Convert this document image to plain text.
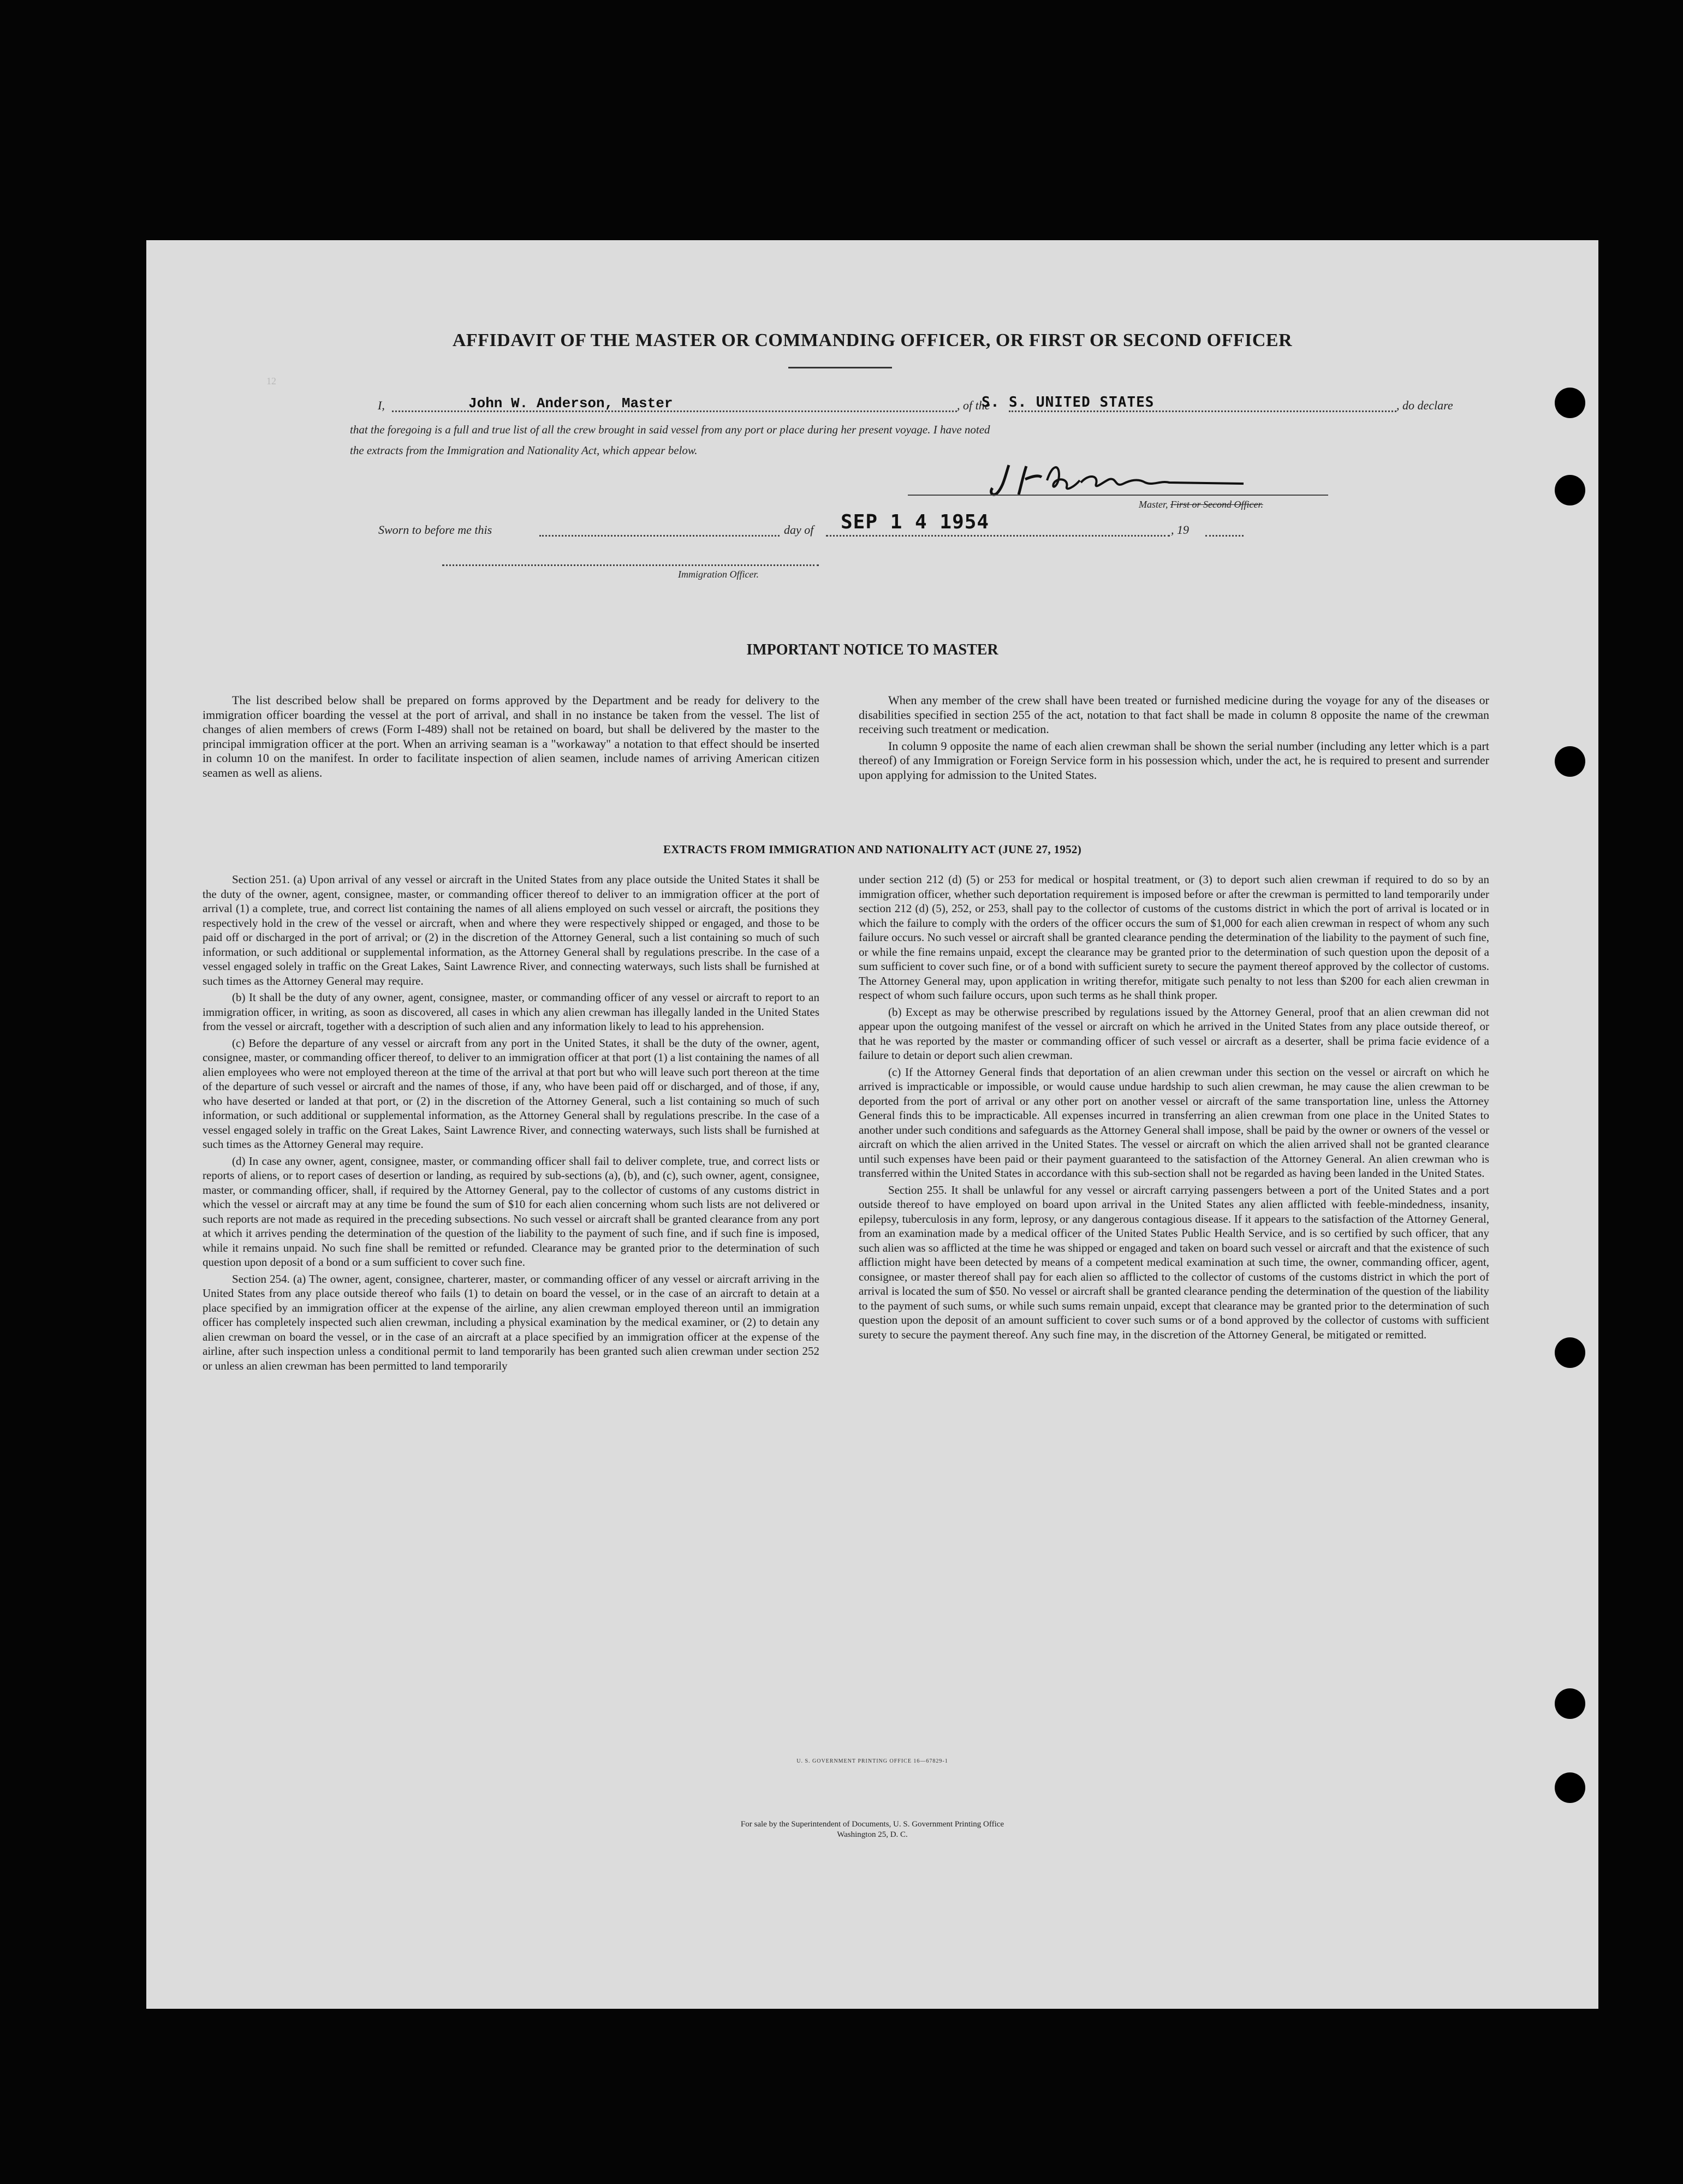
AFFIDAVIT OF THE MASTER OR COMMANDING OFFICER, OR FIRST OR SECOND OFFICER
12
I,	John W. Anderson, Master	, of the
S. S. UNITED STATES	, do declare
that the foregoing is a full and true list of all the crew brought in said vessel from any port or place during her present voyage. I have noted
the extracts from the Immigration and Nationality Act, which appear below.
Master, First or Second Officer.
Sworn to before me this	day of SEP 1 4 1954	, 19
Immigration Officer.
IMPORTANT NOTICE TO MASTER

The list described below shall be prepared on forms approved by the Department and be ready for delivery to the immigration officer boarding the vessel at the port of arrival, and shall in no instance be taken from the vessel. The list of changes of alien members of crews (Form I-489) shall not be retained on board, but shall be delivered by the master to the principal immigration officer at the port. When an arriving seaman is a "workaway" a notation to that effect should be inserted in column 10 on the manifest. In order to facilitate inspection of alien seamen, include names of arriving American citizen seamen as well as aliens.

When any member of the crew shall have been treated or furnished medicine during the voyage for any of the diseases or disabilities specified in section 255 of the act, notation to that fact shall be made in column 8 opposite the name of the crewman receiving such treatment or medication.

In column 9 opposite the name of each alien crewman shall be shown the serial number (including any letter which is a part thereof) of any Immigration or Foreign Service form in his possession which, under the act, he is required to present and surrender upon applying for admission to the United States.

EXTRACTS FROM IMMIGRATION AND NATIONALITY ACT (JUNE 27, 1952)

Section 251. (a) Upon arrival of any vessel or aircraft in the United States from any place outside the United States it shall be the duty of the owner, agent, consignee, master, or commanding officer thereof to deliver to an immigration officer at the port of arrival (1) a complete, true, and correct list containing the names of all aliens employed on such vessel or aircraft, the positions they respectively hold in the crew of the vessel or aircraft, when and where they were respectively shipped or engaged, and those to be paid off or discharged in the port of arrival; or (2) in the discretion of the Attorney General, such a list containing so much of such information, or such additional or supplemental information, as the Attorney General shall by regulations prescribe. In the case of a vessel engaged solely in traffic on the Great Lakes, Saint Lawrence River, and connecting waterways, such lists shall be furnished at such times as the Attorney General may require.

(b) It shall be the duty of any owner, agent, consignee, master, or commanding officer of any vessel or aircraft to report to an immigration officer, in writing, as soon as discovered, all cases in which any alien crewman has illegally landed in the United States from the vessel or aircraft, together with a description of such alien and any information likely to lead to his apprehension.

(c) Before the departure of any vessel or aircraft from any port in the United States, it shall be the duty of the owner, agent, consignee, master, or commanding officer thereof, to deliver to an immigration officer at that port (1) a list containing the names of all alien employees who were not employed thereon at the time of the arrival at that port but who will leave such port thereon at the time of the departure of such vessel or aircraft and the names of those, if any, who have been paid off or discharged, and of those, if any, who have deserted or landed at that port, or (2) in the discretion of the Attorney General, such a list containing so much of such information, or such additional or supplemental information, as the Attorney General shall by regulations prescribe. In the case of a vessel engaged solely in traffic on the Great Lakes, Saint Lawrence River, and connecting waterways, such lists shall be furnished at such times as the Attorney General may require.

(d) In case any owner, agent, consignee, master, or commanding officer shall fail to deliver complete, true, and correct lists or reports of aliens, or to report cases of desertion or landing, as required by sub-sections (a), (b), and (c), such owner, agent, consignee, master, or commanding officer, shall, if required by the Attorney General, pay to the collector of customs of any customs district in which the vessel or aircraft may at any time be found the sum of $10 for each alien concerning whom such lists are not delivered or such reports are not made as required in the preceding subsections. No such vessel or aircraft shall be granted clearance from any port at which it arrives pending the determination of the question of the liability to the payment of such fine, and if such fine is imposed, while it remains unpaid. No such fine shall be remitted or refunded. Clearance may be granted prior to the determination of such question upon deposit of a bond or a sum sufficient to cover such fine.

Section 254. (a) The owner, agent, consignee, charterer, master, or commanding officer of any vessel or aircraft arriving in the United States from any place outside thereof who fails (1) to detain on board the vessel, or in the case of an aircraft to detain at a place specified by an immigration officer at the expense of the airline, any alien crewman employed thereon until an immigration officer has completely inspected such alien crewman, including a physical examination by the medical examiner, or (2) to detain any alien crewman on board the vessel, or in the case of an aircraft at a place specified by an immigration officer at the expense of the airline, after such inspection unless a conditional permit to land temporarily has been granted such alien crewman under section 252 or unless an alien crewman has been permitted to land temporarily

under section 212 (d) (5) or 253 for medical or hospital treatment, or (3) to deport such alien crewman if required to do so by an immigration officer, whether such deportation requirement is imposed before or after the crewman is permitted to land temporarily under section 212 (d) (5), 252, or 253, shall pay to the collector of customs of the customs district in which the port of arrival is located or in which the failure to comply with the orders of the officer occurs the sum of $1,000 for each alien crewman in respect of whom any such failure occurs. No such vessel or aircraft shall be granted clearance pending the determination of the liability to the payment of such fine, or while the fine remains unpaid, except the clearance may be granted prior to the determination of such question upon the deposit of a sum sufficient to cover such fine, or of a bond with sufficient surety to secure the payment thereof approved by the collector of customs. The Attorney General may, upon application in writing therefor, mitigate such penalty to not less than $200 for each alien crewman in respect of whom such failure occurs, upon such terms as he shall think proper.

(b) Except as may be otherwise prescribed by regulations issued by the Attorney General, proof that an alien crewman did not appear upon the outgoing manifest of the vessel or aircraft on which he arrived in the United States from any place outside thereof, or that he was reported by the master or commanding officer of such vessel or aircraft as a deserter, shall be prima facie evidence of a failure to detain or deport such alien crewman.

(c) If the Attorney General finds that deportation of an alien crewman under this section on the vessel or aircraft on which he arrived is impracticable or impossible, or would cause undue hardship to such alien crewman, he may cause the alien crewman to be deported from the port of arrival or any other port on another vessel or aircraft of the same transportation line, unless the Attorney General finds this to be impracticable. All expenses incurred in transferring an alien crewman from one place in the United States to another under such conditions and safeguards as the Attorney General shall impose, shall be paid by the owner or owners of the vessel or aircraft on which the alien arrived in the United States. The vessel or aircraft on which the alien arrived shall not be granted clearance until such expenses have been paid or their payment guaranteed to the satisfaction of the Attorney General. An alien crewman who is transferred within the United States in accordance with this sub-section shall not be regarded as having been landed in the United States.

Section 255. It shall be unlawful for any vessel or aircraft carrying passengers between a port of the United States and a port outside thereof to have employed on board upon arrival in the United States any alien afflicted with feeble-mindedness, insanity, epilepsy, tuberculosis in any form, leprosy, or any dangerous contagious disease. If it appears to the satisfaction of the Attorney General, from an examination made by a medical officer of the United States Public Health Service, and is so certified by such officer, that any such alien was so afflicted at the time he was shipped or engaged and taken on board such vessel or aircraft and that the existence of such affliction might have been detected by means of a competent medical examination at such time, the owner, commanding officer, agent, consignee, or master thereof shall pay for each alien so afflicted to the collector of customs of the customs district in which the port of arrival is located the sum of $50. No vessel or aircraft shall be granted clearance pending the determination of the question of the liability to the payment of such sums, or while such sums remain unpaid, except that clearance may be granted prior to the determination of such question upon the deposit of an amount sufficient to cover such sums or of a bond approved by the collector of customs with sufficient surety to secure the payment thereof. Any such fine may, in the discretion of the Attorney General, be mitigated or remitted.

U. S. GOVERNMENT PRINTING OFFICE 16—67829-1
For sale by the Superintendent of Documents, U. S. Government Printing Office
Washington 25, D. C.
